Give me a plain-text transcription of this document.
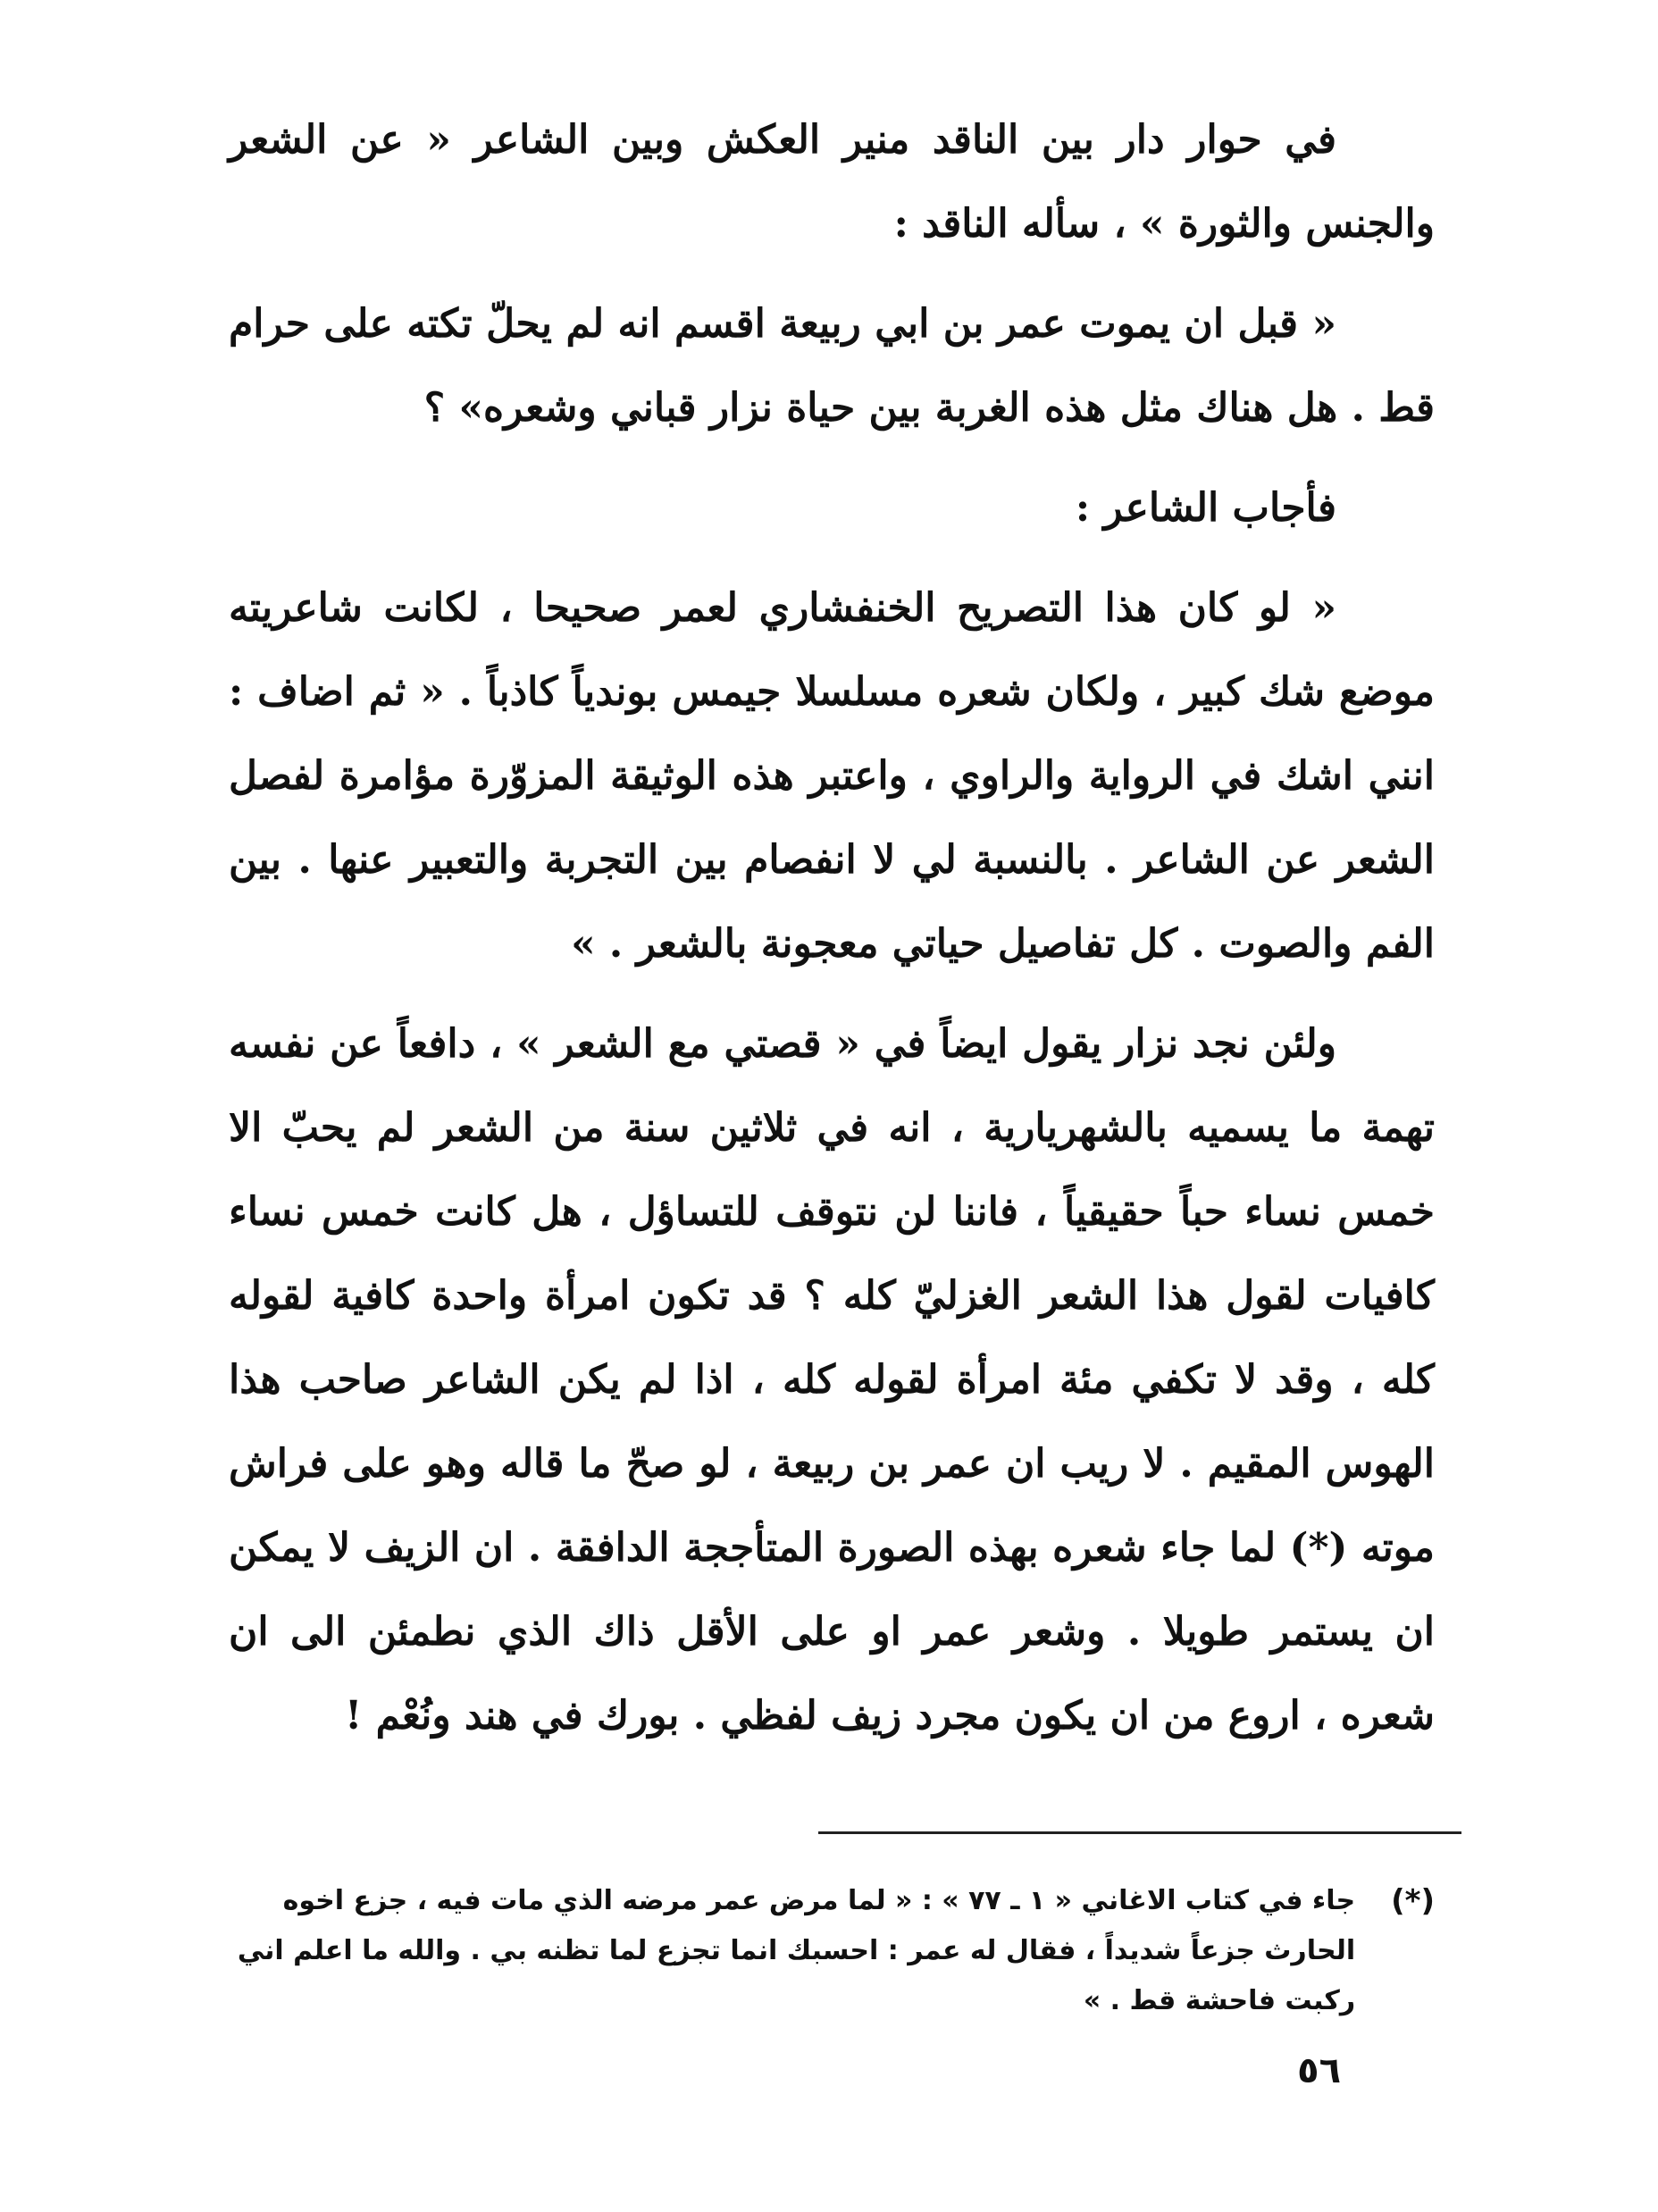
في حوار دار بين الناقد منير العكش وبين الشاعر « عن الشعر والجنس والثورة » ، سأله الناقد :

« قبل ان يموت عمر بن ابي ربيعة اقسم انه لم يحلّ تكته على حرام قط . هل هناك مثل هذه الغربة بين حياة نزار قباني وشعره» ؟

فأجاب الشاعر :

« لو كان هذا التصريح الخنفشاري لعمر صحيحا ، لكانت شاعريته موضع شك كبير ، ولكان شعره مسلسلا جيمس بوندياً كاذباً . « ثم اضاف : انني اشك في الرواية والراوي ، واعتبر هذه الوثيقة المزوّرة مؤامرة لفصل الشعر عن الشاعر . بالنسبة لي لا انفصام بين التجربة والتعبير عنها . بين الفم والصوت . كل تفاصيل حياتي معجونة بالشعر . »

ولئن نجد نزار يقول ايضاً في « قصتي مع الشعر » ، دافعاً عن نفسه تهمة ما يسميه بالشهريارية ، انه في ثلاثين سنة من الشعر لم يحبّ الا خمس نساء حباً حقيقياً ، فاننا لن نتوقف للتساؤل ، هل كانت خمس نساء كافيات لقول هذا الشعر الغزليّ كله ؟ قد تكون امرأة واحدة كافية لقوله كله ، وقد لا تكفي مئة امرأة لقوله كله ، اذا لم يكن الشاعر صاحب هذا الهوس المقيم . لا ريب ان عمر بن ربيعة ، لو صحّ ما قاله وهو على فراش موته (*) لما جاء شعره بهذه الصورة المتأججة الدافقة . ان الزيف لا يمكن ان يستمر طويلا . وشعر عمر او على الأقل ذاك الذي نطمئن الى ان شعره ، اروع من ان يكون مجرد زيف لفظي . بورك في هند ونُعْم !

(*)
جاء في كتاب الاغاني « ١ ـ ٧٧ » : « لما مرض عمر مرضه الذي مات فيه ، جزع اخوه الحارث جزعاً شديداً ، فقال له عمر : احسبك انما تجزع لما تظنه بي . والله ما اعلم اني ركبت فاحشة قط . »
٥٦
